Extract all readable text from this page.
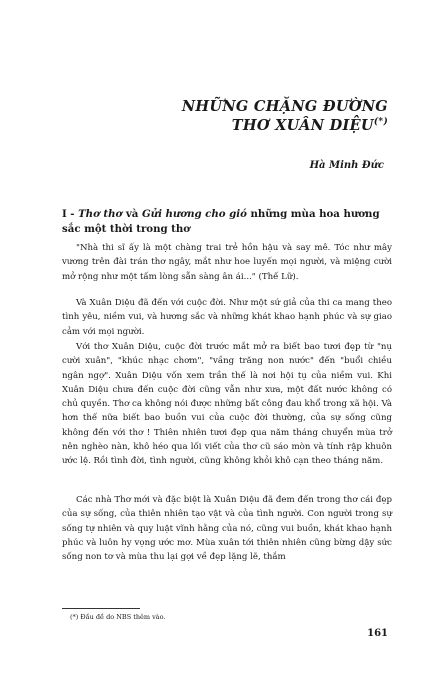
NHỮNG CHẶNG ĐƯỜNG
THƠ XUÂN DIỆU(*)
Hà Minh Đức
I - Thơ thơ và Gửi hương cho gió những mùa hoa hương sắc một thời trong thơ

"Nhà thi sĩ ấy là một chàng trai trẻ hồn hậu và say mê. Tóc như mây vương trên đài trán thơ ngây, mắt như hoe luyến mọi người, và miệng cười mở rộng như một tấm lòng sẵn sàng ân ái..." (Thế Lữ).

Và Xuân Diệu đã đến với cuộc đời. Như một sứ giả của thi ca mang theo tình yêu, niềm vui, và hương sắc và những khát khao hạnh phúc và sự giao cảm với mọi người.

Với thơ Xuân Diệu, cuộc đời trước mắt mở ra biết bao tươi đẹp từ "nụ cười xuân", "khúc nhạc chơm", "vầng trăng non nước" đến "buổi chiều ngân ngợ". Xuân Diệu vốn xem trần thế là nơi hội tụ của niềm vui. Khi Xuân Diệu chưa đến cuộc đời cũng vẫn như xưa, một đất nước không có chủ quyền. Thơ ca không nói được những bất công đau khổ trong xã hội. Và hơn thế nữa biết bao buồn vui của cuộc đời thường, của sự sống cũng không đến với thơ ! Thiên nhiên tươi đẹp qua năm tháng chuyển mùa trở nên nghèo nàn, khô héo qua lối viết của thơ cũ sáo mòn và tính rập khuôn ước lệ. Rồi tình đời, tình người, cũng không khỏi khô cạn theo tháng năm.

Các nhà Thơ mới và đặc biệt là Xuân Diệu đã đem đến trong thơ cái đẹp của sự sống, của thiên nhiên tạo vật và của tình người. Con người trong sự sống tự nhiên và quy luật vĩnh hằng của nó, cũng vui buồn, khát khao hạnh phúc và luôn hy vọng ước mơ. Mùa xuân tới thiên nhiên cũng bừng dậy sức sống non tơ và mùa thu lại gợi về đẹp lặng lẽ, thắm

(*) Đầu đề do NBS thêm vào.
161
